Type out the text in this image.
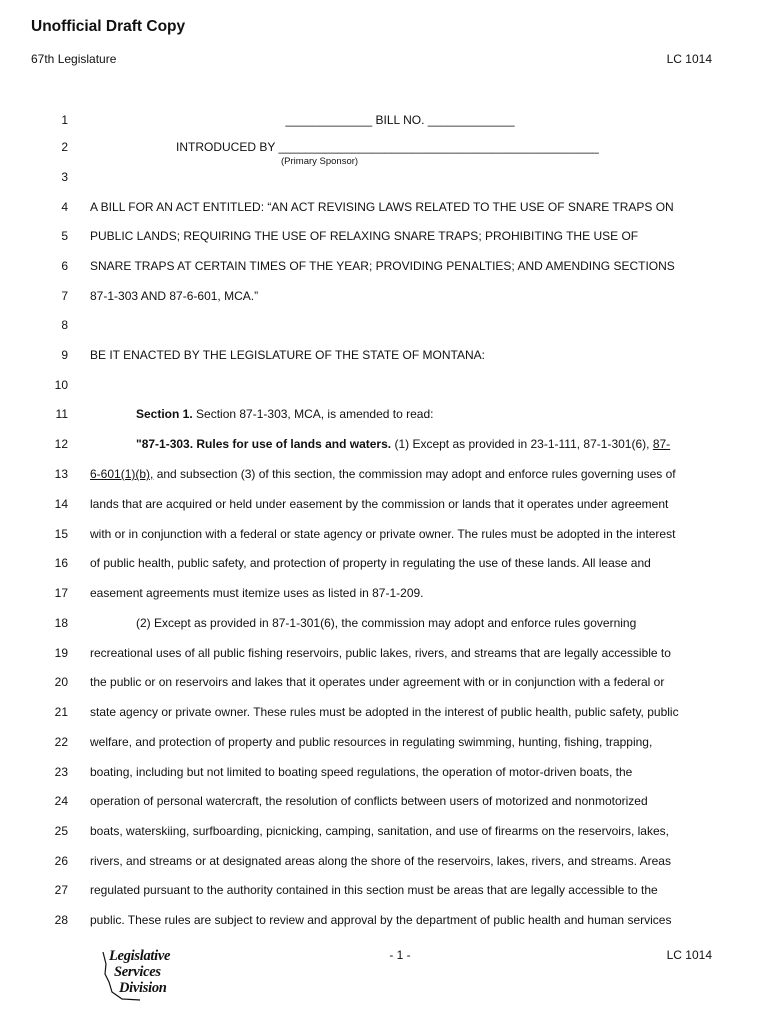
Unofficial Draft Copy
67th Legislature	LC 1014
1	_____________ BILL NO. _____________
2	INTRODUCED BY ________________________________________________
(Primary Sponsor)
3
4 A BILL FOR AN ACT ENTITLED: “AN ACT REVISING LAWS RELATED TO THE USE OF SNARE TRAPS ON
5 PUBLIC LANDS; REQUIRING THE USE OF RELAXING SNARE TRAPS; PROHIBITING THE USE OF
6 SNARE TRAPS AT CERTAIN TIMES OF THE YEAR; PROVIDING PENALTIES; AND AMENDING SECTIONS
7 87-1-303 AND 87-6-601, MCA.”
8
9 BE IT ENACTED BY THE LEGISLATURE OF THE STATE OF MONTANA:
10
11	Section 1. Section 87-1-303, MCA, is amended to read:
12	"87-1-303. Rules for use of lands and waters. (1) Except as provided in 23-1-111, 87-1-301(6), 87-
13 6-601(1)(b), and subsection (3) of this section, the commission may adopt and enforce rules governing uses of
14 lands that are acquired or held under easement by the commission or lands that it operates under agreement
15 with or in conjunction with a federal or state agency or private owner. The rules must be adopted in the interest
16 of public health, public safety, and protection of property in regulating the use of these lands. All lease and
17 easement agreements must itemize uses as listed in 87-1-209.
18	(2) Except as provided in 87-1-301(6), the commission may adopt and enforce rules governing
19 recreational uses of all public fishing reservoirs, public lakes, rivers, and streams that are legally accessible to
20 the public or on reservoirs and lakes that it operates under agreement with or in conjunction with a federal or
21 state agency or private owner. These rules must be adopted in the interest of public health, public safety, public
22 welfare, and protection of property and public resources in regulating swimming, hunting, fishing, trapping,
23 boating, including but not limited to boating speed regulations, the operation of motor-driven boats, the
24 operation of personal watercraft, the resolution of conflicts between users of motorized and nonmotorized
25 boats, waterskiing, surfboarding, picnicking, camping, sanitation, and use of firearms on the reservoirs, lakes,
26 rivers, and streams or at designated areas along the shore of the reservoirs, lakes, rivers, and streams. Areas
27 regulated pursuant to the authority contained in this section must be areas that are legally accessible to the
28 public. These rules are subject to review and approval by the department of public health and human services
Legislative
Services
Division
- 1 -	LC 1014
